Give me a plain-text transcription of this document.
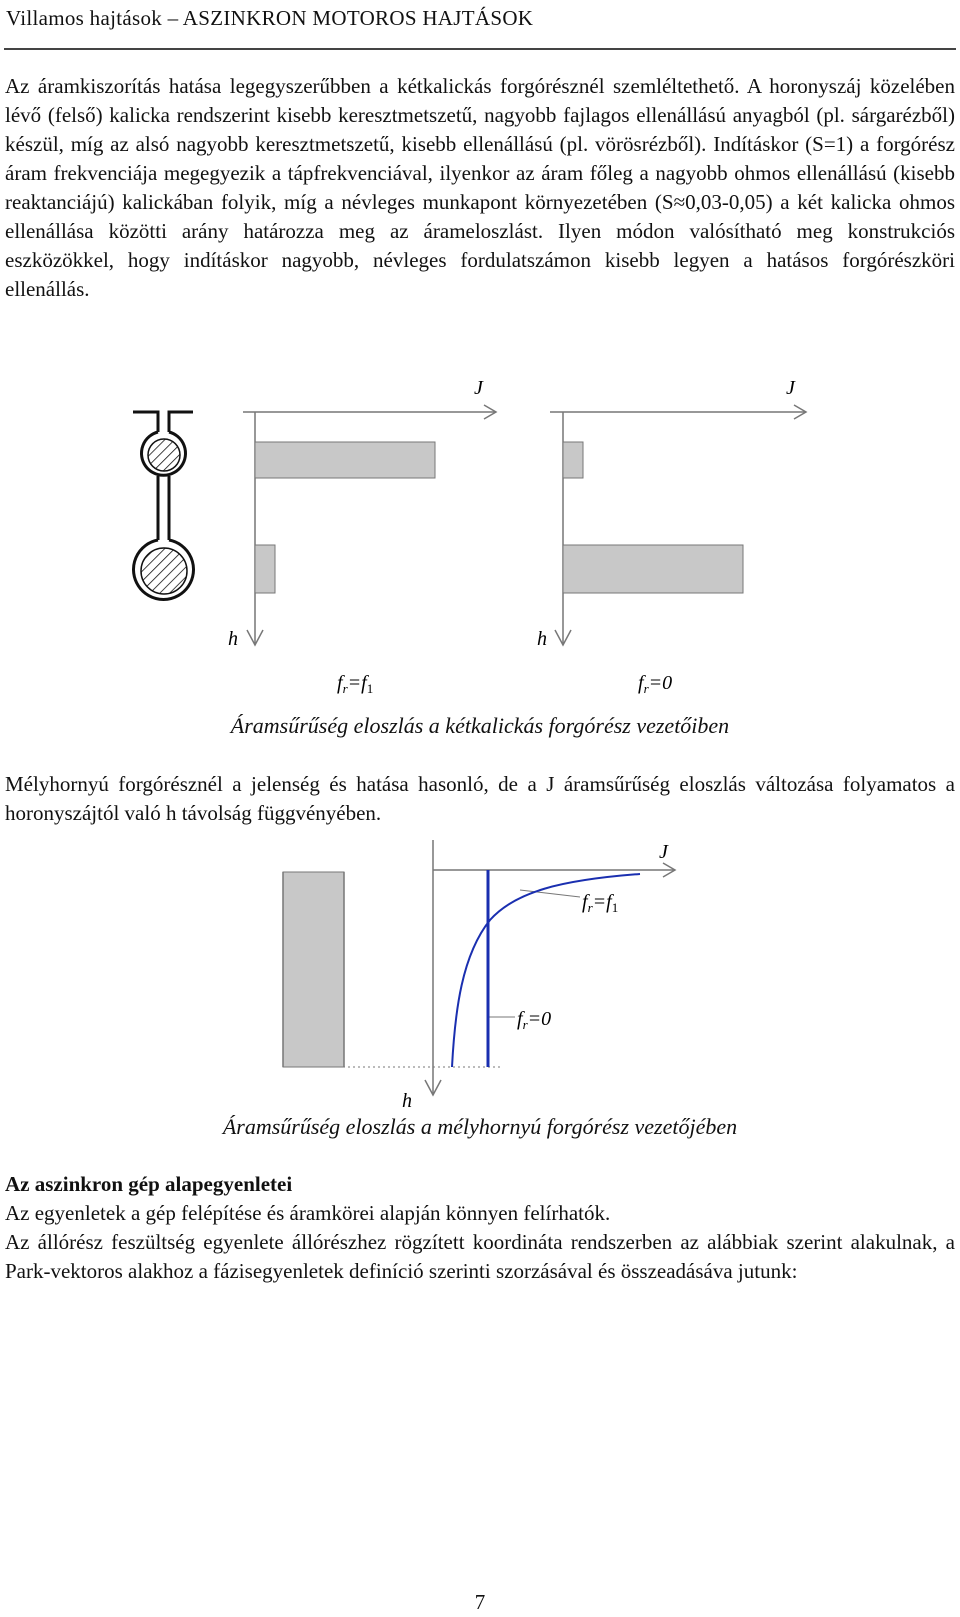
Villamos hajtások – ASZINKRON MOTOROS HAJTÁSOK

Az áramkiszorítás hatása legegyszerűbben a kétkalickás forgórésznél szemléltethető. A horonyszáj közelében lévő (felső) kalicka rendszerint kisebb keresztmetszetű, nagyobb fajlagos ellenállású anyagból (pl. sárgarézből) készül, míg az alsó nagyobb keresztmetszetű, kisebb ellenállású (pl. vörösrézből). Indításkor (S=1) a forgórész áram frekvenciája megegyezik a tápfrekvenciával, ilyenkor az áram főleg a nagyobb ohmos ellenállású (kisebb reaktanciájú) kalickában folyik, míg a névleges munkapont környezetében (S≈0,03-0,05) a két kalicka ohmos ellenállása közötti arány határozza meg az árameloszlást. Ilyen módon valósítható meg konstrukciós eszközökkel, hogy indításkor nagyobb, névleges fordulatszámon kisebb legyen a hatásos forgórészköri ellenállás.

J	J
h	h
$f_r=f_1$	$f_r=0$
Áramsűrűség eloszlás a kétkalickás forgórész vezetőiben

Mélyhornyú forgórésznél a jelenség és hatása hasonló, de a J áramsűrűség eloszlás változása folyamatos a horonyszájtól való h távolság függvényében.

J
h
$f_r=f_1$
$f_r=0$
Áramsűrűség eloszlás a mélyhornyú forgórész vezetőjében
Az aszinkron gép alapegyenletei
Az egyenletek a gép felépítése és áramkörei alapján könnyen felírhatók.

Az állórész feszültség egyenlete állórészhez rögzített koordináta rendszerben az alábbiak szerint alakulnak, a Park-vektoros alakhoz a fázisegyenletek definíció szerinti szorzásával és összeadásáva jutunk:

7
